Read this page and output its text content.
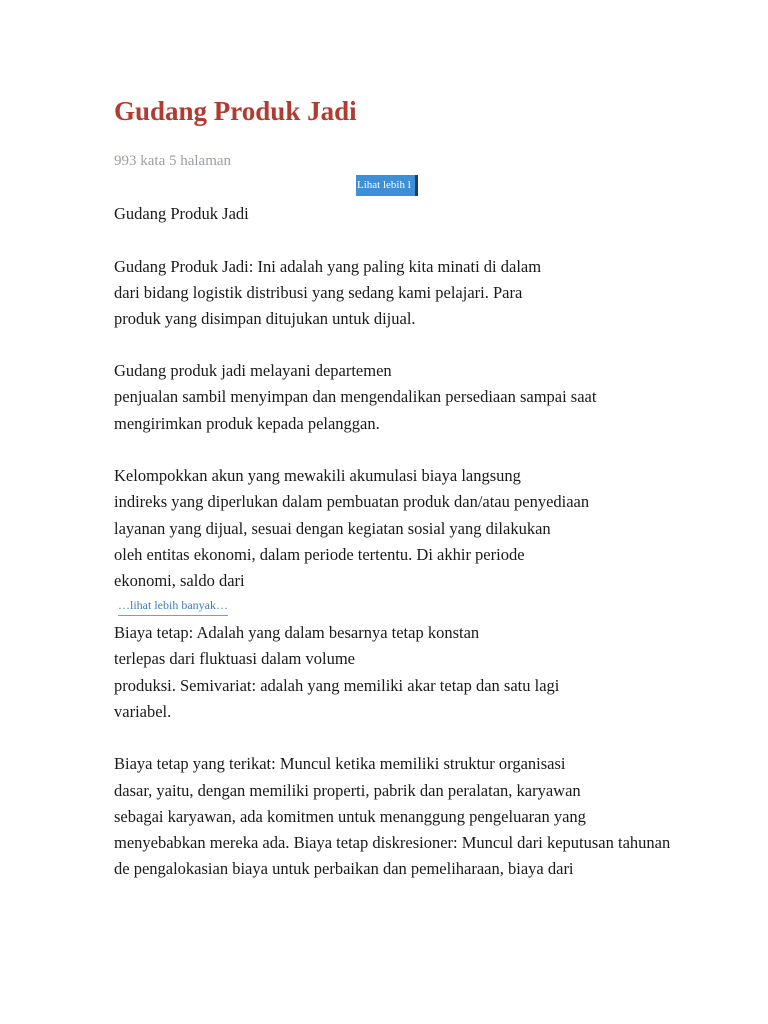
Gudang Produk Jadi
993 kata 5 halaman
Lihat lebih l
Gudang Produk Jadi
Gudang Produk Jadi: Ini adalah yang paling kita minati di dalam
dari bidang logistik distribusi yang sedang kami pelajari. Para
produk yang disimpan ditujukan untuk dijual.
Gudang produk jadi melayani departemen
penjualan sambil menyimpan dan mengendalikan persediaan sampai saat
mengirimkan produk kepada pelanggan.
Kelompokkan akun yang mewakili akumulasi biaya langsung
indireks yang diperlukan dalam pembuatan produk dan/atau penyediaan
layanan yang dijual, sesuai dengan kegiatan sosial yang dilakukan
oleh entitas ekonomi, dalam periode tertentu. Di akhir periode
ekonomi, saldo dari
…lihat lebih banyak…
Biaya tetap: Adalah yang dalam besarnya tetap konstan
terlepas dari fluktuasi dalam volume
produksi. Semivariat: adalah yang memiliki akar tetap dan satu lagi
variabel.
Biaya tetap yang terikat: Muncul ketika memiliki struktur organisasi
dasar, yaitu, dengan memiliki properti, pabrik dan peralatan, karyawan
sebagai karyawan, ada komitmen untuk menanggung pengeluaran yang
menyebabkan mereka ada. Biaya tetap diskresioner: Muncul dari keputusan tahunan
de pengalokasian biaya untuk perbaikan dan pemeliharaan, biaya dari
